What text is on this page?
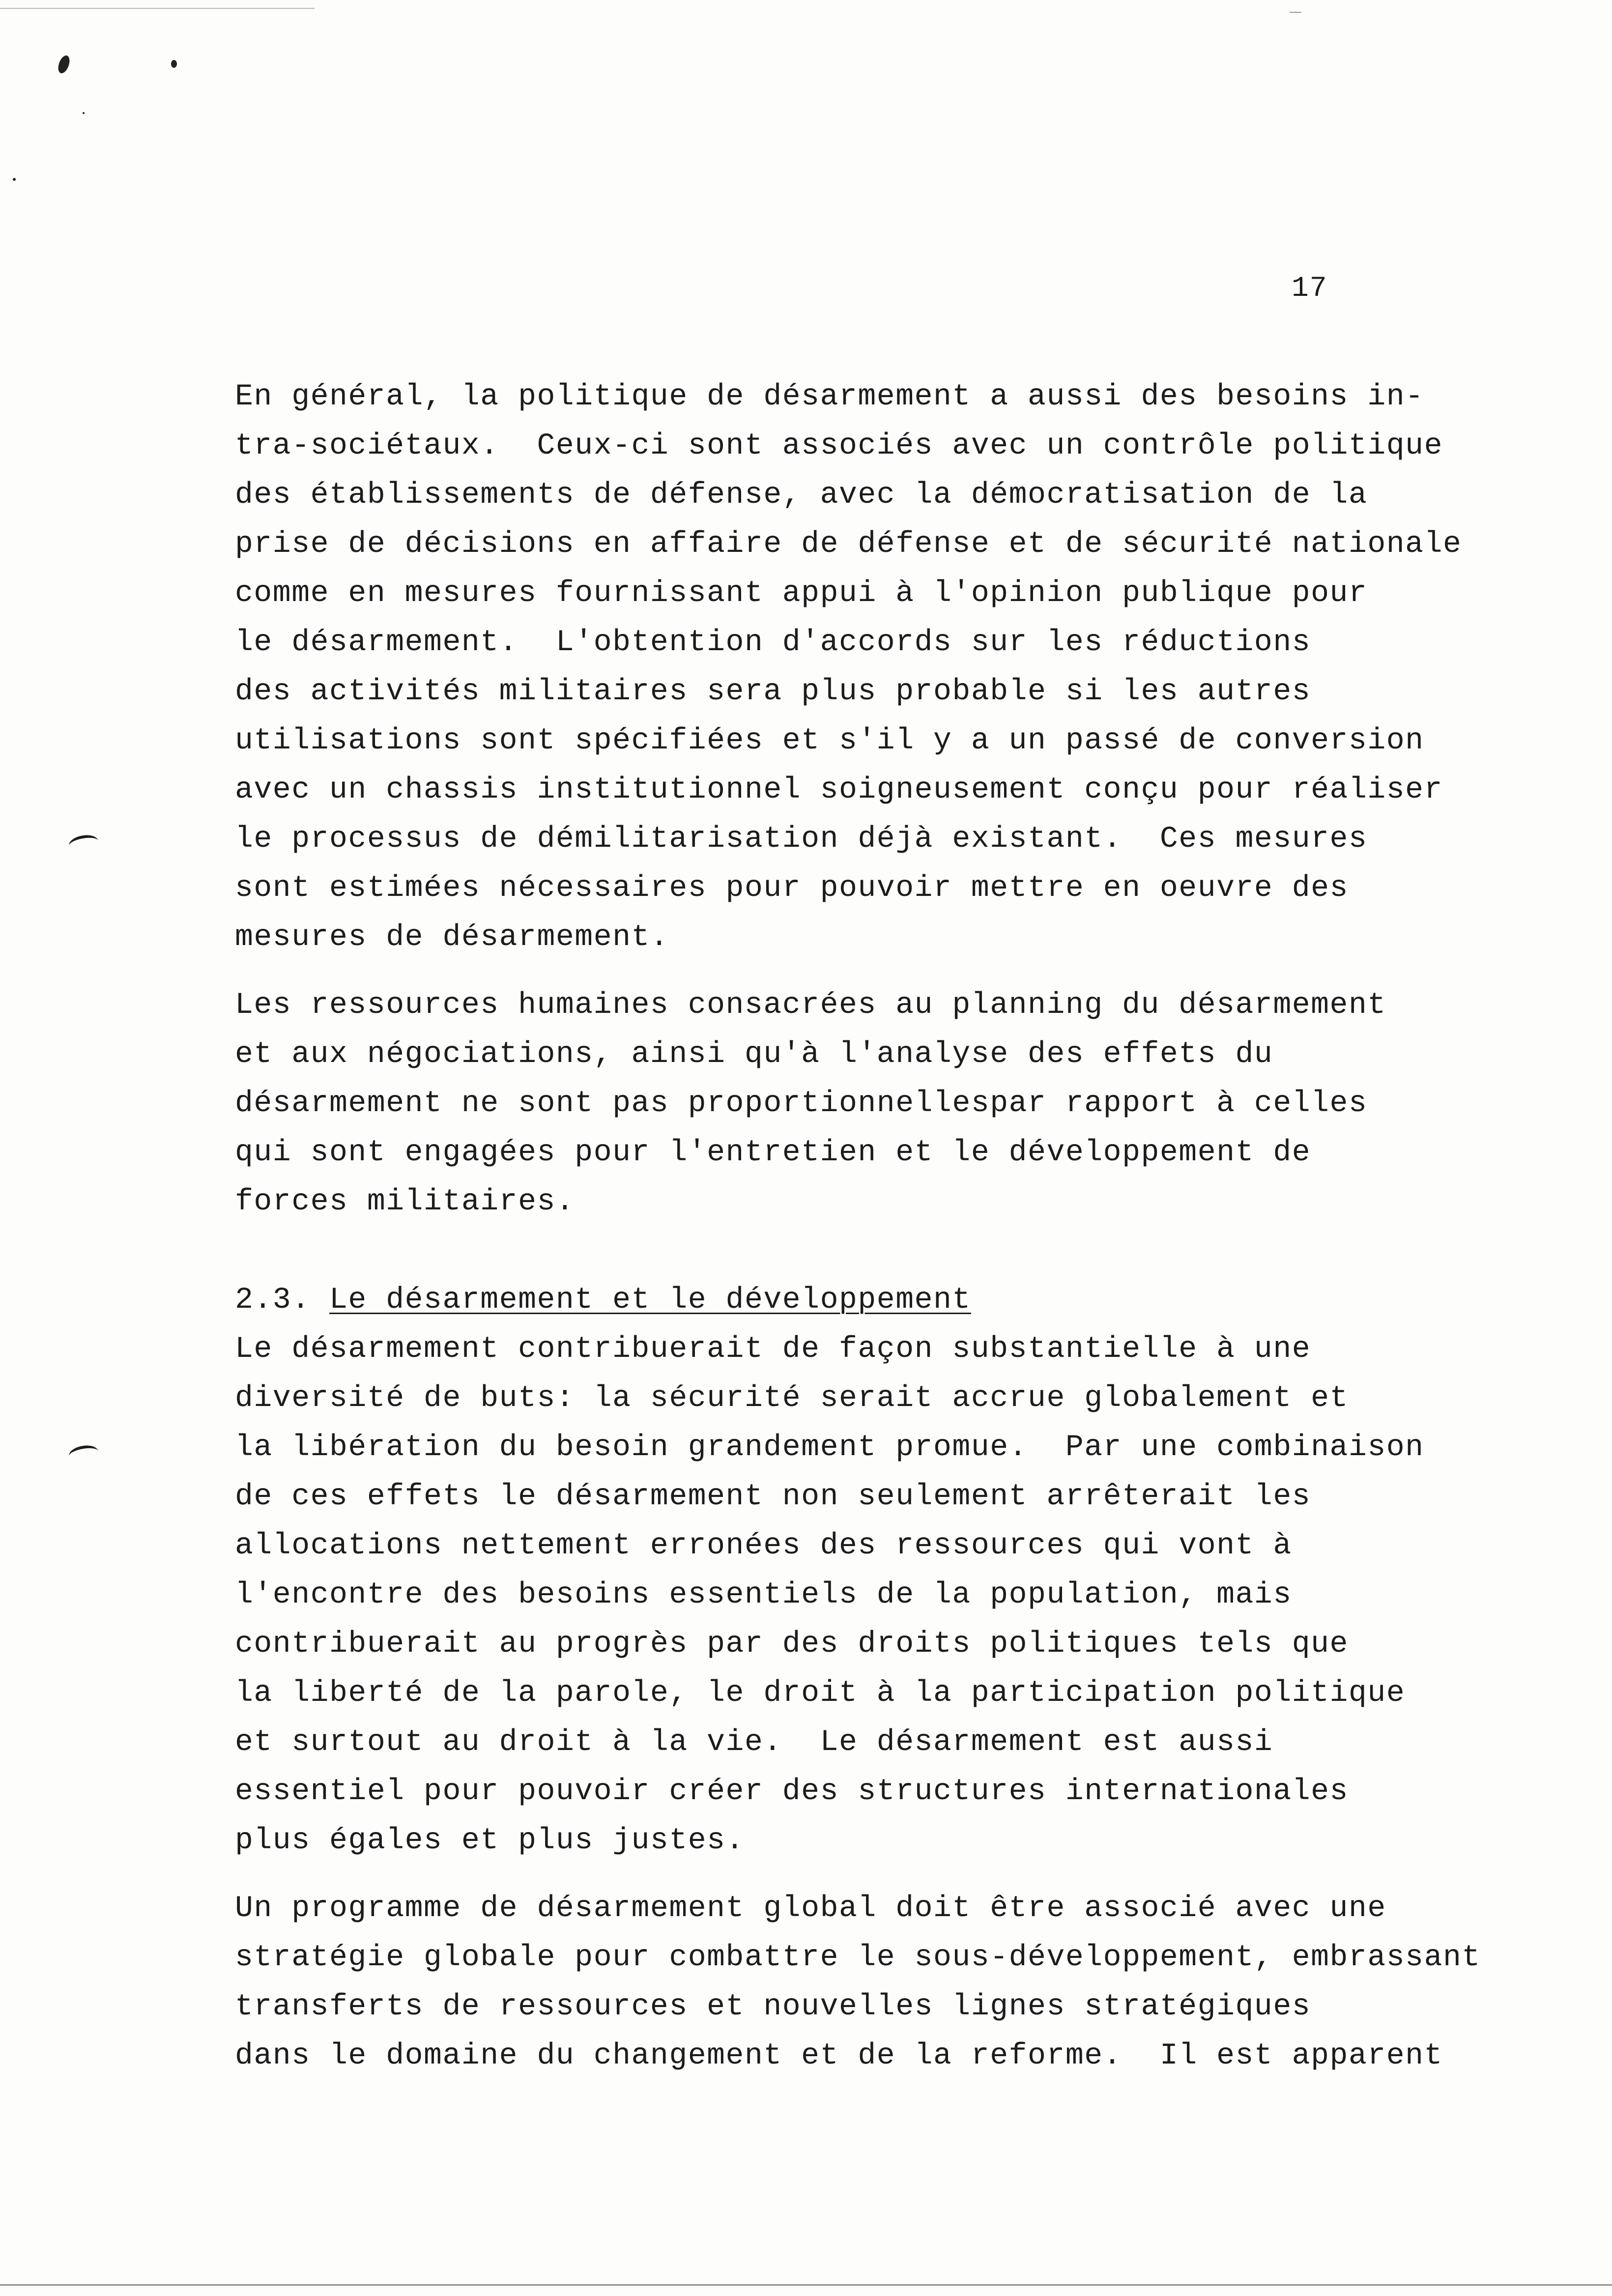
17
En général, la politique de désarmement a aussi des besoins in-
tra-sociétaux.  Ceux-ci sont associés avec un contrôle politique
des établissements de défense, avec la démocratisation de la
prise de décisions en affaire de défense et de sécurité nationale
comme en mesures fournissant appui à l'opinion publique pour
le désarmement.  L'obtention d'accords sur les réductions
des activités militaires sera plus probable si les autres
utilisations sont spécifiées et s'il y a un passé de conversion
avec un chassis institutionnel soigneusement conçu pour réaliser
le processus de démilitarisation déjà existant.  Ces mesures
sont estimées nécessaires pour pouvoir mettre en oeuvre des
mesures de désarmement.
Les ressources humaines consacrées au planning du désarmement
et aux négociations, ainsi qu'à l'analyse des effets du
désarmement ne sont pas proportionnellespar rapport à celles
qui sont engagées pour l'entretien et le développement de
forces militaires.
2.3. Le désarmement et le développement
Le désarmement contribuerait de façon substantielle à une
diversité de buts: la sécurité serait accrue globalement et
la libération du besoin grandement promue.  Par une combinaison
de ces effets le désarmement non seulement arrêterait les
allocations nettement erronées des ressources qui vont à
l'encontre des besoins essentiels de la population, mais
contribuerait au progrès par des droits politiques tels que
la liberté de la parole, le droit à la participation politique
et surtout au droit à la vie.  Le désarmement est aussi
essentiel pour pouvoir créer des structures internationales
plus égales et plus justes.
Un programme de désarmement global doit être associé avec une
stratégie globale pour combattre le sous-développement, embrassant
transferts de ressources et nouvelles lignes stratégiques
dans le domaine du changement et de la reforme.  Il est apparent
